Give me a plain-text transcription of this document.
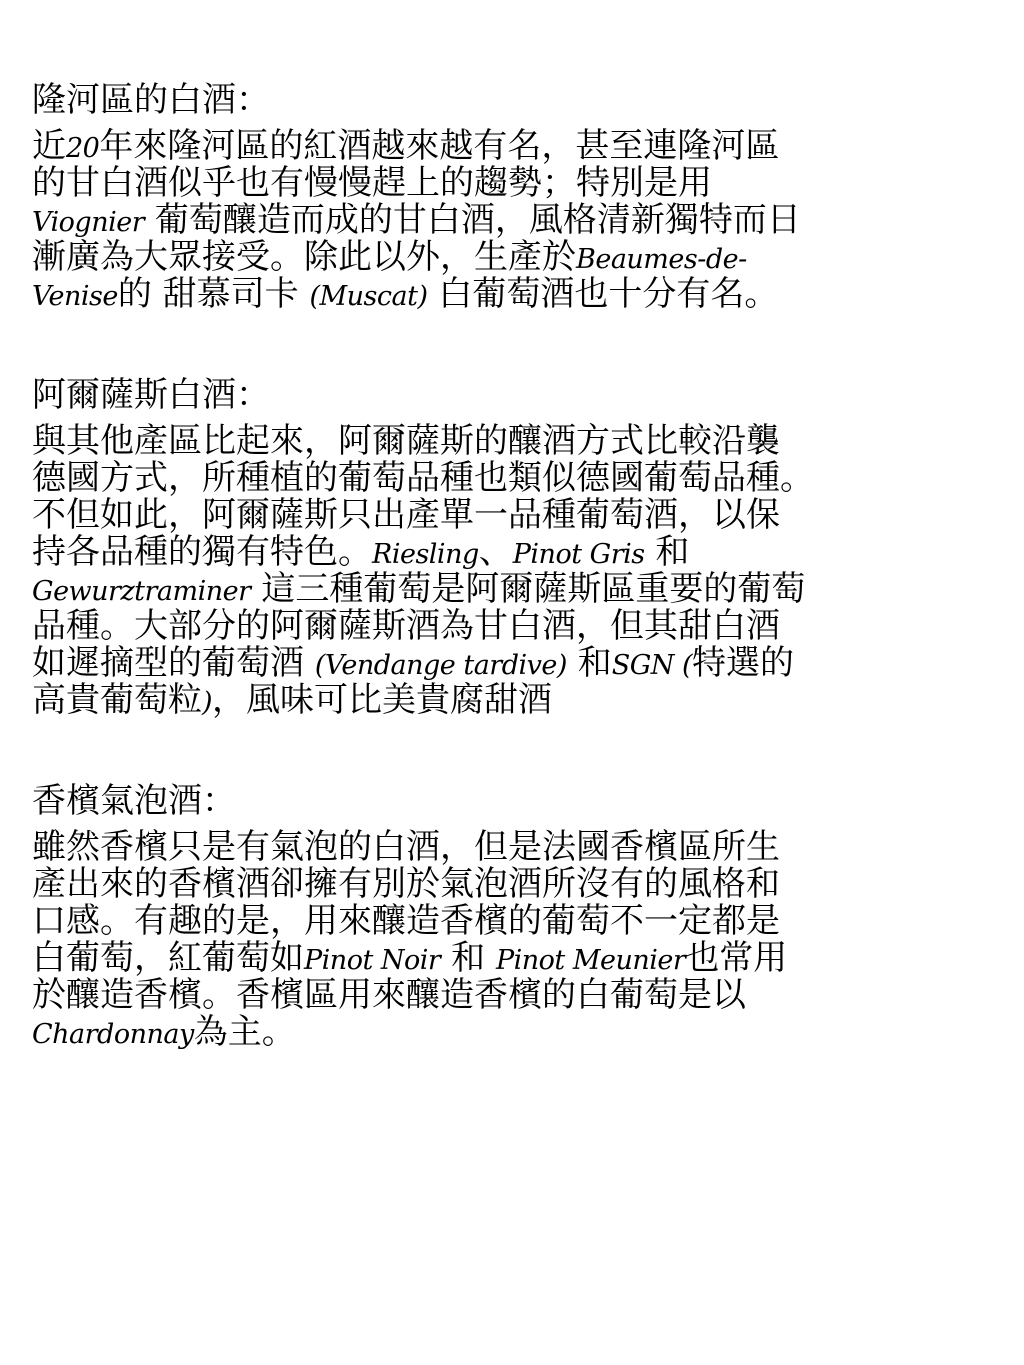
隆河區的白酒：
近20年來隆河區的紅酒越來越有名，甚至連隆河區
的甘白酒似乎也有慢慢趕上的趨勢；特別是用
Viognier 葡萄釀造而成的甘白酒，風格清新獨特而日
漸廣為大眾接受。除此以外，生產於Beaumes-de-
Venise的 甜慕司卡 (Muscat) 白葡萄酒也十分有名。
阿爾薩斯白酒：
與其他產區比起來，阿爾薩斯的釀酒方式比較沿襲
德國方式，所種植的葡萄品種也類似德國葡萄品種。
不但如此，阿爾薩斯只出產單一品種葡萄酒，以保
持各品種的獨有特色。Riesling、Pinot Gris 和
Gewurztraminer 這三種葡萄是阿爾薩斯區重要的葡萄
品種。大部分的阿爾薩斯酒為甘白酒，但其甜白酒
如遲摘型的葡萄酒 (Vendange tardive) 和SGN (特選的
高貴葡萄粒)，風味可比美貴腐甜酒
香檳氣泡酒：
雖然香檳只是有氣泡的白酒，但是法國香檳區所生
產出來的香檳酒卻擁有別於氣泡酒所沒有的風格和
口感。有趣的是，用來釀造香檳的葡萄不一定都是
白葡萄，紅葡萄如Pinot Noir 和 Pinot Meunier也常用
於釀造香檳。香檳區用來釀造香檳的白葡萄是以
Chardonnay為主。
